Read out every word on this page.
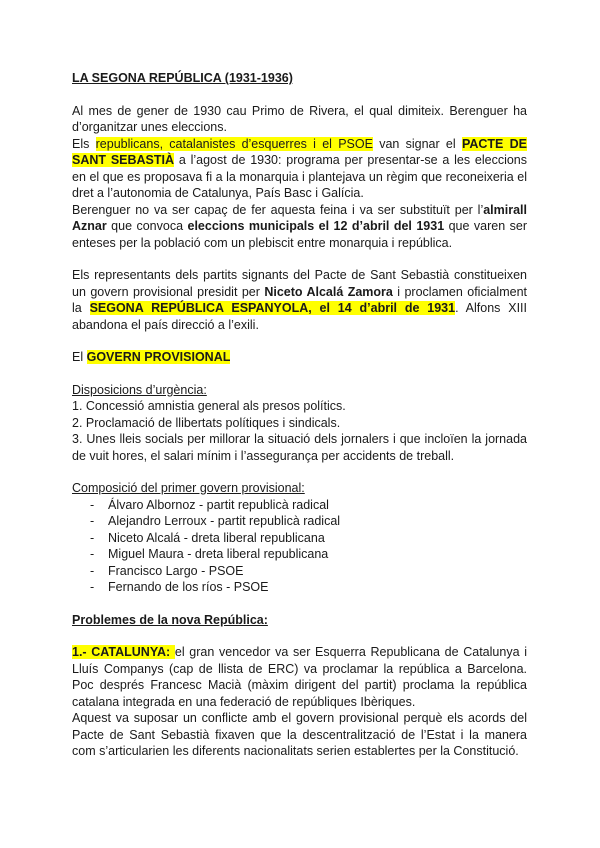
LA SEGONA REPÚBLICA (1931-1936)

Al mes de gener de 1930 cau Primo de Rivera, el qual dimiteix. Berenguer ha d’organitzar unes eleccions.

Els republicans, catalanistes d’esquerres i el PSOE van signar el PACTE DE SANT SEBASTIÀ a l’agost de 1930: programa per presentar-se a les eleccions en el que es proposava fi a la monarquia i plantejava un règim que reconeixeria el dret a l’autonomia de Catalunya, País Basc i Galícia.

Berenguer no va ser capaç de fer aquesta feina i va ser substituït per l’almirall Aznar que convoca eleccions municipals el 12 d’abril del 1931 que varen ser enteses per la població com un plebiscit entre monarquia i república.

Els representants dels partits signants del Pacte de Sant Sebastià constitueixen un govern provisional presidit per Niceto Alcalá Zamora i proclamen oficialment la SEGONA REPÚBLICA ESPANYOLA, el 14 d’abril de 1931. Alfons XIII abandona el país direcció a l’exili.

El GOVERN PROVISIONAL

Disposicions d’urgència:

1. Concessió amnistia general als presos polítics.

2. Proclamació de llibertats polítiques i sindicals.

3. Unes lleis socials per millorar la situació dels jornalers i que incloïen la jornada de vuit hores, el salari mínim i l’assegurança per accidents de treball.

Composició del primer govern provisional:

- Álvaro Albornoz - partit republicà radical
- Alejandro Lerroux - partit republicà radical
- Niceto Alcalá - dreta liberal republicana
- Miguel Maura - dreta liberal republicana
- Francisco Largo - PSOE
- Fernando de los ríos - PSOE

Problemes de la nova República:

1.- CATALUNYA: el gran vencedor va ser Esquerra Republicana de Catalunya i Lluís Companys (cap de llista de ERC) va proclamar la república a Barcelona. Poc després Francesc Macià (màxim dirigent del partit) proclama la república catalana integrada en una federació de repúbliques Ibèriques.

Aquest va suposar un conflicte amb el govern provisional perquè els acords del Pacte de Sant Sebastià fixaven que la descentralització de l’Estat i la manera com s’articularien les diferents nacionalitats serien establertes per la Constitució.
